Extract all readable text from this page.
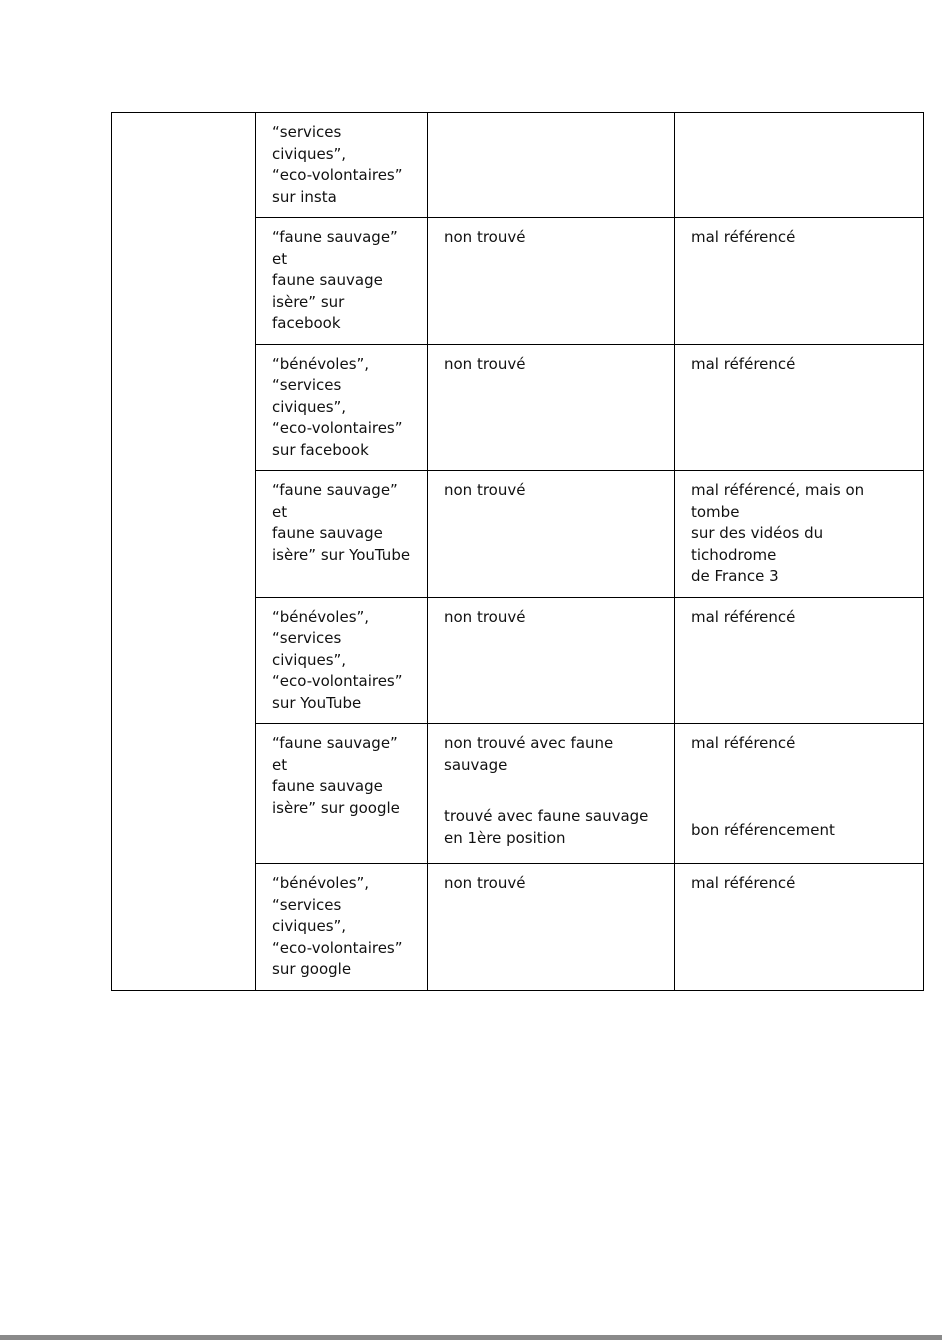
	“services civiques”,
“eco-volontaires”
sur insta		

	“faune sauvage” et
faune sauvage
isère” sur facebook	non trouvé	mal référencé

	“bénévoles”,
“services civiques”,
“eco-volontaires”
sur facebook	non trouvé	mal référencé

	“faune sauvage” et
faune sauvage
isère” sur YouTube	non trouvé	mal référencé, mais on tombe
sur des vidéos du tichodrome
de France 3

	“bénévoles”,
“services civiques”,
“eco-volontaires”
sur YouTube	non trouvé	mal référencé

	“faune sauvage” et
faune sauvage
isère” sur google	non trouvé avec faune
sauvage
trouvé avec faune sauvage
en 1ère position	mal référencé
bon référencement

	“bénévoles”,
“services civiques”,
“eco-volontaires”
sur google	non trouvé	mal référencé
